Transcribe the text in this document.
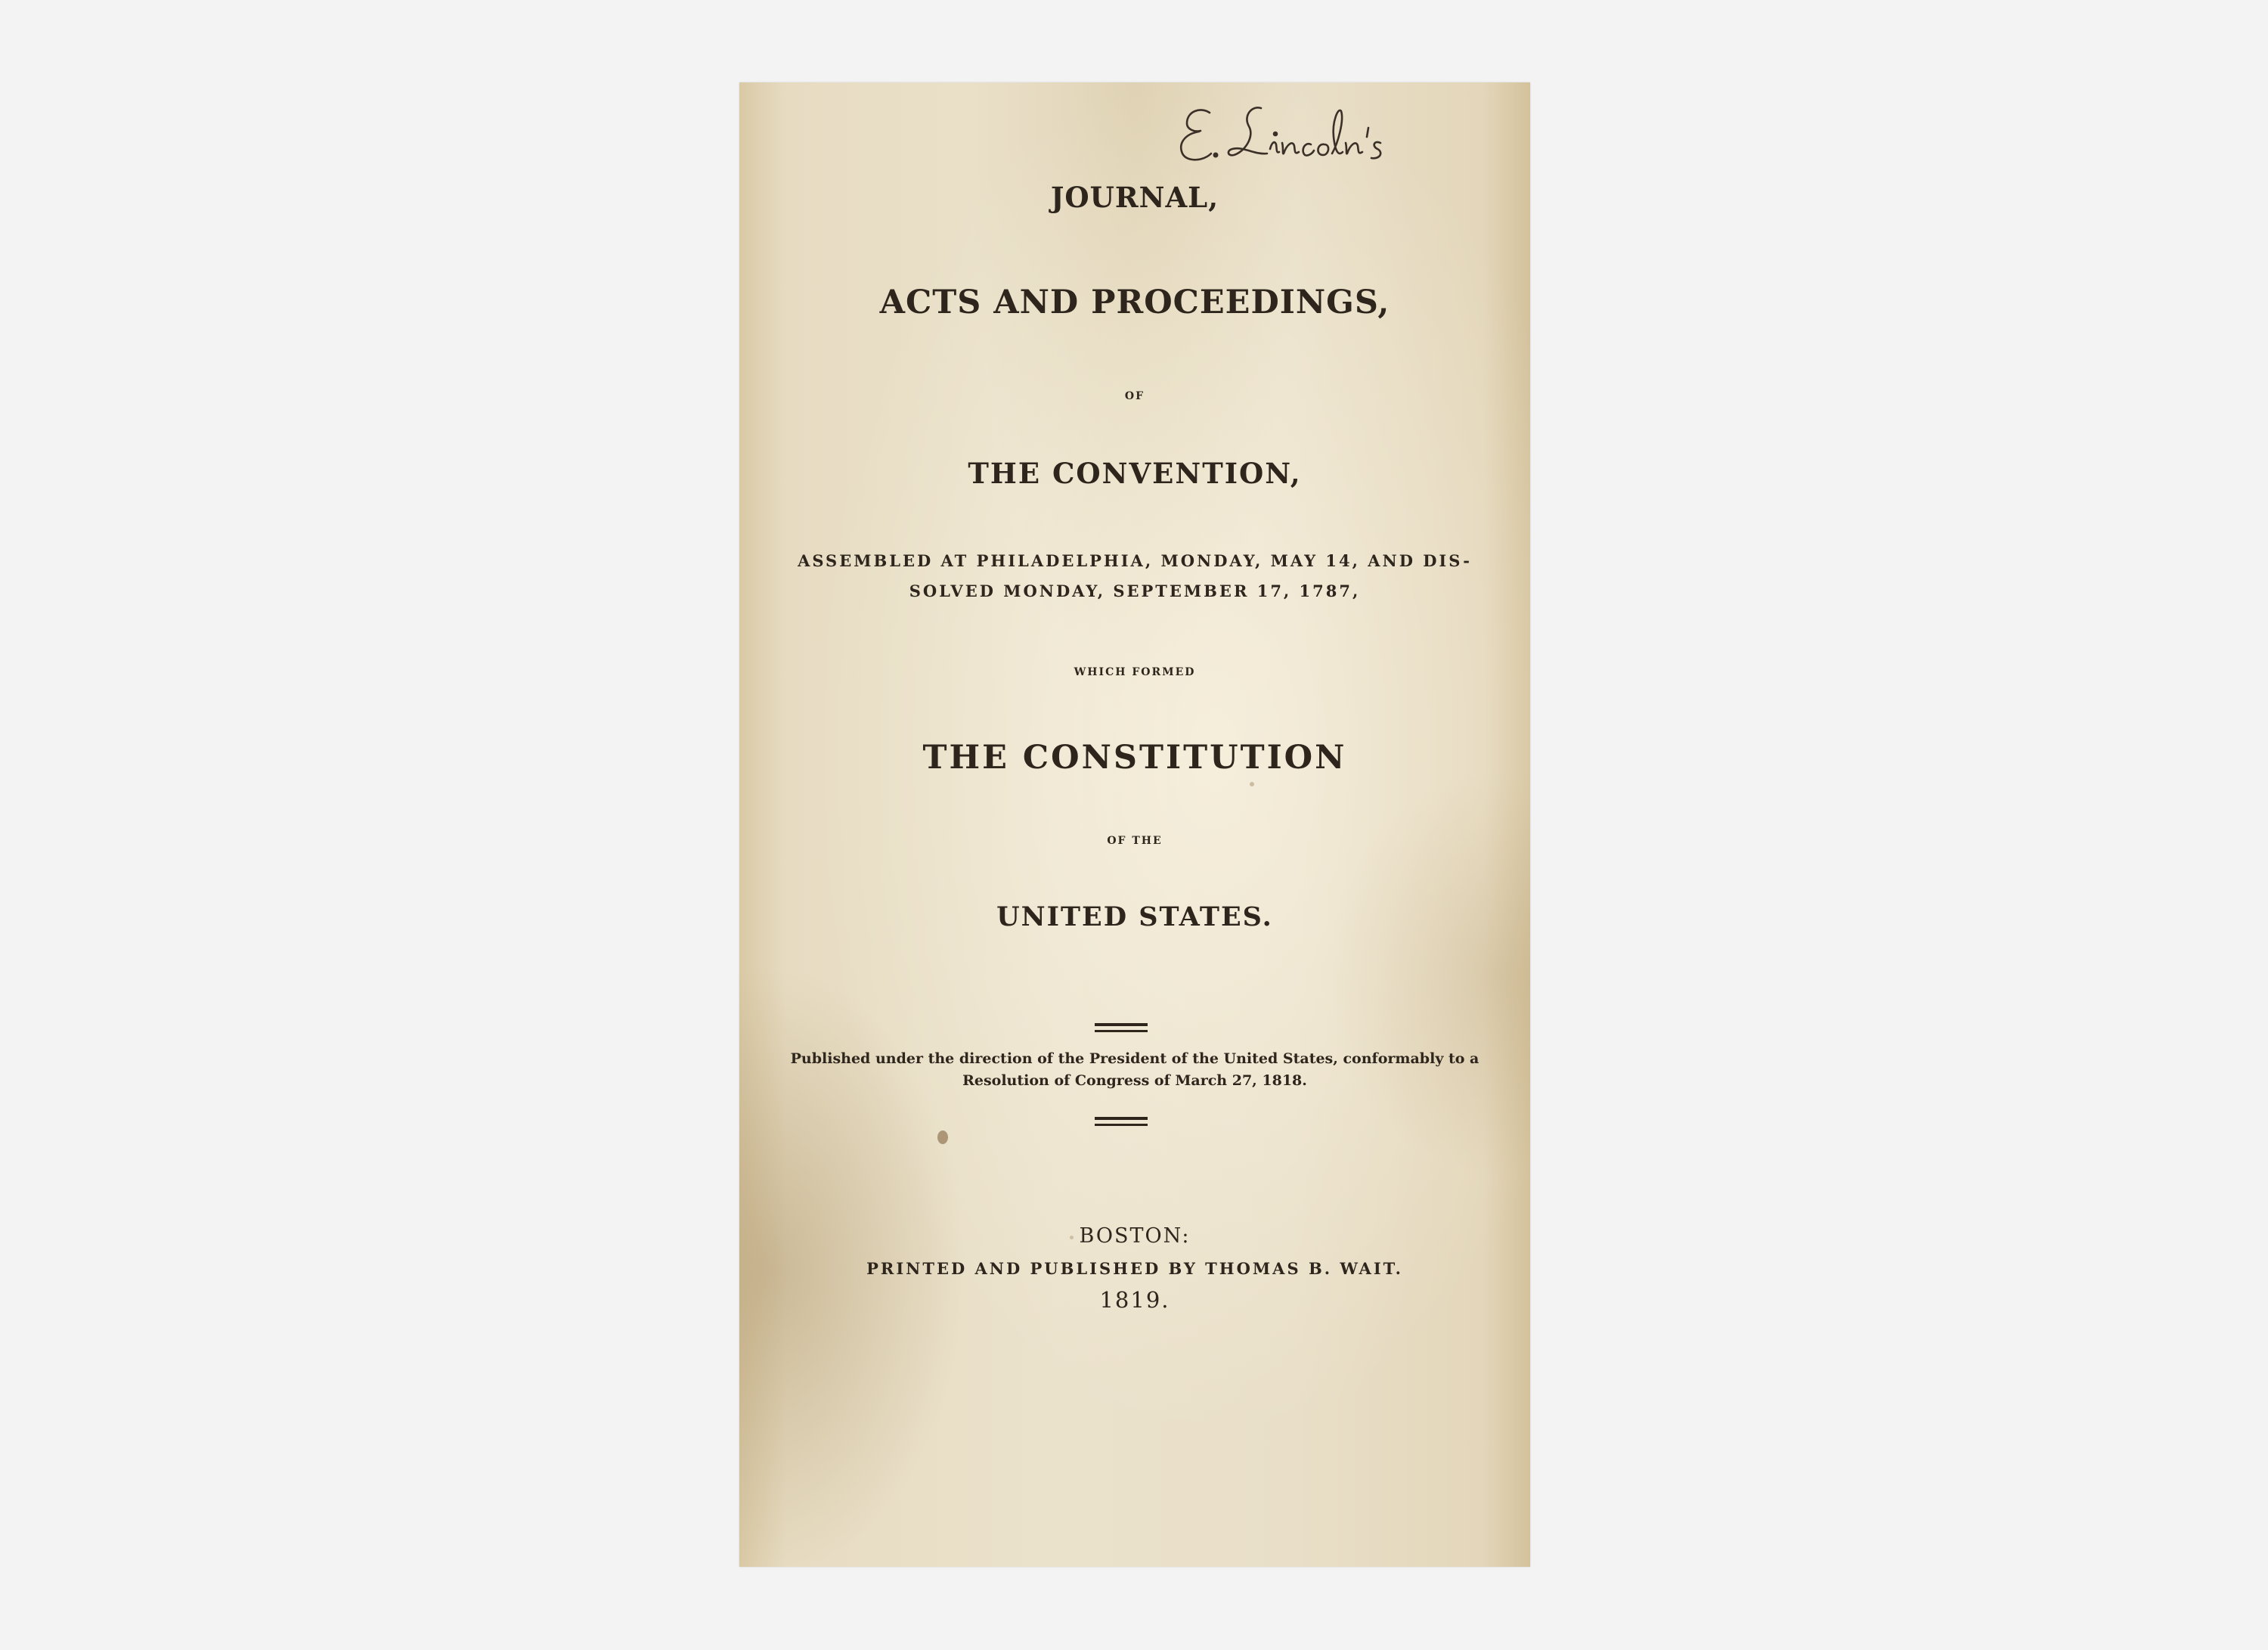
JOURNAL,

ACTS AND PROCEEDINGS,

OF

THE CONVENTION,

ASSEMBLED AT PHILADELPHIA, MONDAY, MAY 14, AND DIS-

SOLVED MONDAY, SEPTEMBER 17, 1787,

WHICH FORMED

THE CONSTITUTION

OF THE

UNITED STATES.

Published under the direction of the President of the United States, conformably to a

Resolution of Congress of March 27, 1818.

BOSTON:

PRINTED AND PUBLISHED BY THOMAS B. WAIT.

1819.
